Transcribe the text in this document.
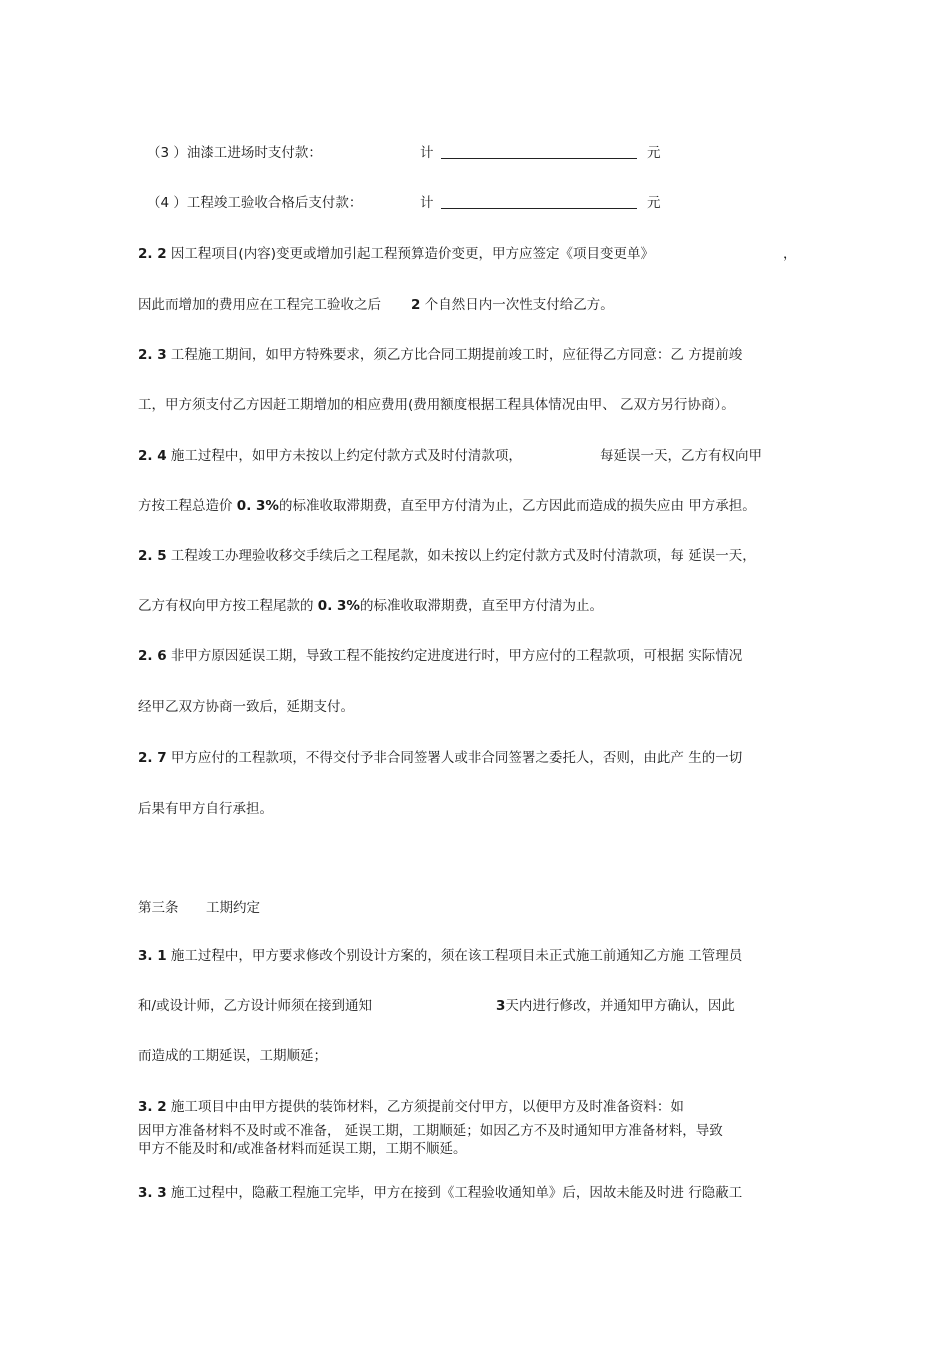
（3 ）油漆工进场时支付款：	计	元
（4 ）工程竣工验收合格后支付款：	计	元
2. 2 因工程项目(内容)变更或增加引起工程预算造价变更，甲方应签定《项目变更单》	，
因此而增加的费用应在工程完工验收之后 2 个自然日内一次性支付给乙方。
2. 3 工程施工期间，如甲方特殊要求，须乙方比合同工期提前竣工时，应征得乙方同意：乙 方提前竣
工，甲方须支付乙方因赶工期增加的相应费用(费用额度根据工程具体情况由甲、 乙双方另行协商）。
2. 4 施工过程中，如甲方未按以上约定付款方式及时付清款项，	每延误一天，乙方有权向甲
方按工程总造价 0. 3%的标准收取滞期费，直至甲方付清为止，乙方因此而造成的损失应由 甲方承担。
2. 5 工程竣工办理验收移交手续后之工程尾款，如未按以上约定付款方式及时付清款项，每 延误一天，
乙方有权向甲方按工程尾款的 0. 3%的标准收取滞期费，直至甲方付清为止。
2. 6 非甲方原因延误工期，导致工程不能按约定进度进行时，甲方应付的工程款项，可根据 实际情况
经甲乙双方协商一致后，延期支付。
2. 7 甲方应付的工程款项，不得交付予非合同签署人或非合同签署之委托人，否则，由此产 生的一切
后果有甲方自行承担。
第三条 工期约定
3. 1 施工过程中，甲方要求修改个别设计方案的，须在该工程项目未正式施工前通知乙方施 工管理员
和/或设计师，乙方设计师须在接到通知	3天内进行修改，并通知甲方确认，因此
而造成的工期延误，工期顺延；
3. 2 施工项目中由甲方提供的装饰材料，乙方须提前交付甲方，以便甲方及时准备资料：如
因甲方准备材料不及时或不准备， 延误工期，工期顺延；如因乙方不及时通知甲方准备材料，导致
甲方不能及时和/或准备材料而延误工期，工期不顺延。
3. 3 施工过程中，隐蔽工程施工完毕，甲方在接到《工程验收通知单》后，因故未能及时进 行隐蔽工
